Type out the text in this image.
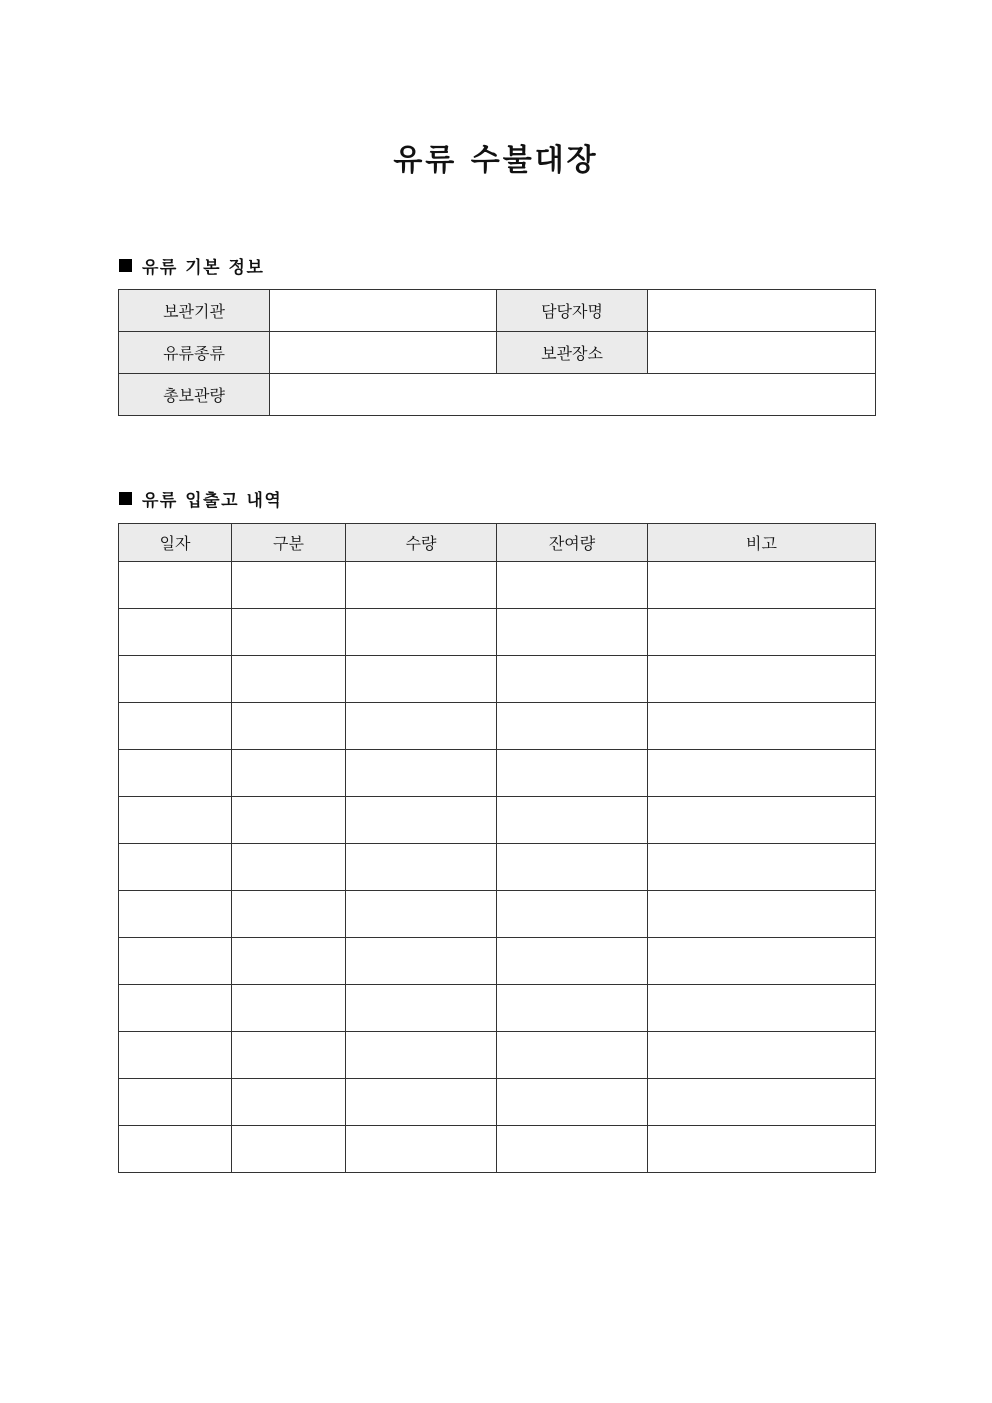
유류 수불대장
유류 기본 정보
보관기관		담당자명	
유류종류		보관장소	
총보관량			
유류 입출고 내역
일자	구분	수량	잔여량	비고
